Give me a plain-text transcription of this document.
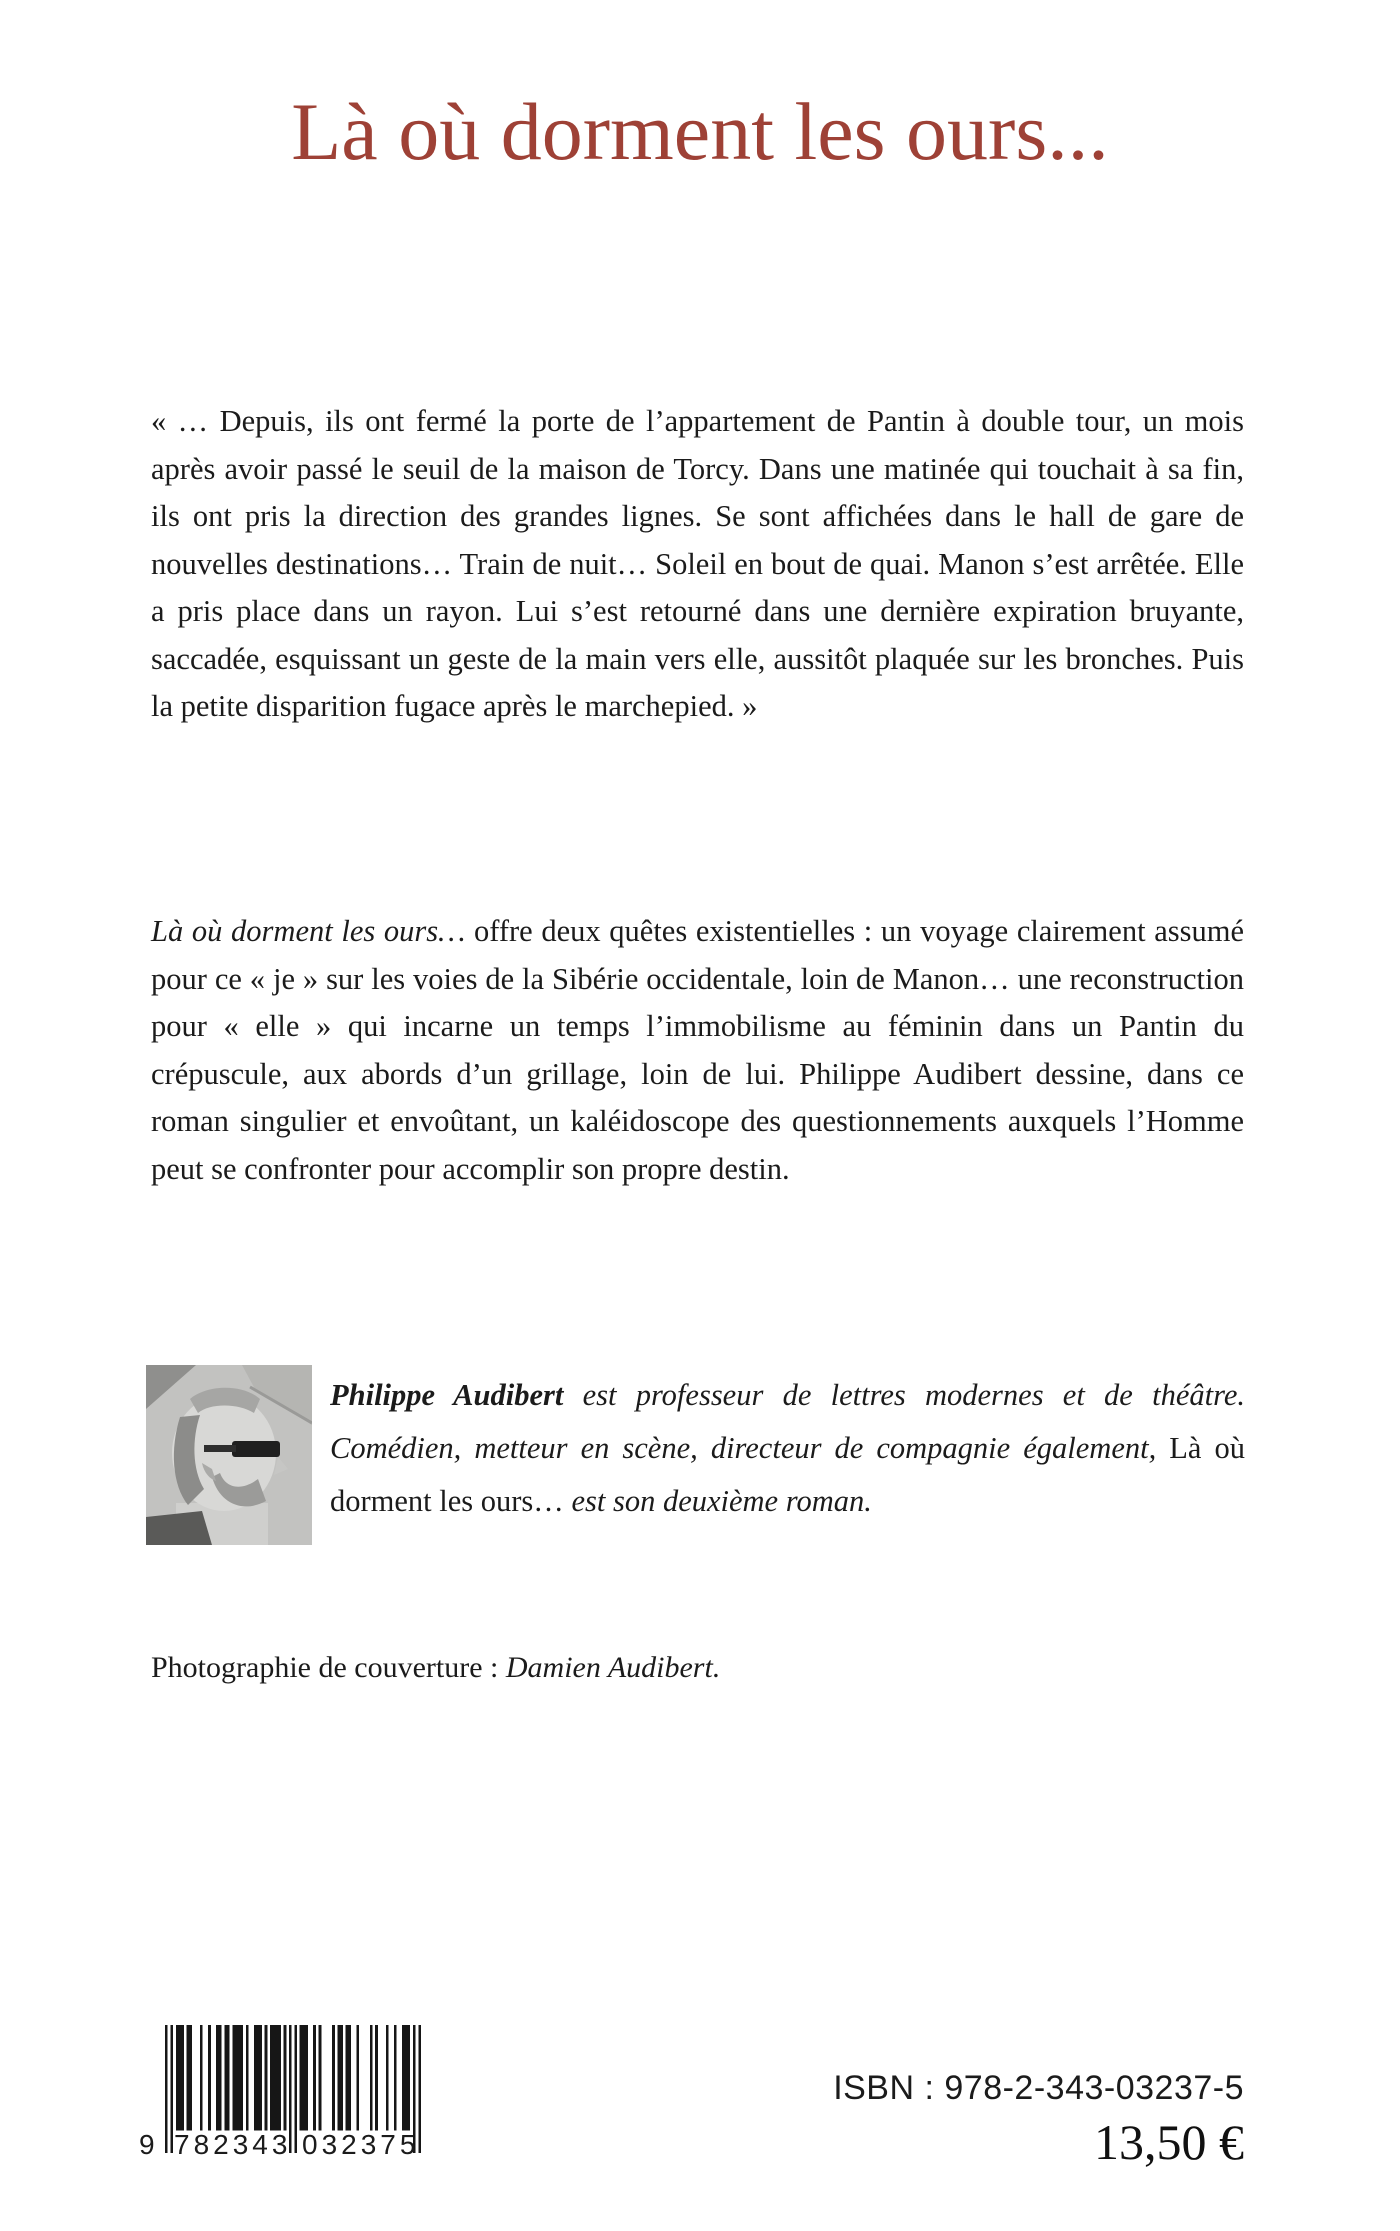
Là où dorment les ours...

« … Depuis, ils ont fermé la porte de l’appartement de Pantin à double tour, un mois après avoir passé le seuil de la maison de Torcy. Dans une matinée qui touchait à sa fin, ils ont pris la direction des grandes lignes. Se sont affichées dans le hall de gare de nouvelles destinations… Train de nuit… Soleil en bout de quai. Manon s’est arrêtée. Elle a pris place dans un rayon. Lui s’est retourné dans une dernière expiration bruyante, saccadée, esquissant un geste de la main vers elle, aussitôt plaquée sur les bronches. Puis la petite disparition fugace après le marchepied. »

Là où dorment les ours… offre deux quêtes existentielles : un voyage clairement assumé pour ce « je » sur les voies de la Sibérie occidentale, loin de Manon… une reconstruction pour « elle » qui incarne un temps l’immobilisme au féminin dans un Pantin du crépuscule, aux abords d’un grillage, loin de lui. Philippe Audibert dessine, dans ce roman singulier et envoûtant, un kaléidoscope des questionnements auxquels l’Homme peut se confronter pour accomplir son propre destin.

Philippe Audibert est professeur de lettres modernes et de théâtre. Comédien, metteur en scène, directeur de compagnie également, Là où dorment les ours… est son deuxième roman.

Photographie de couverture : Damien Audibert.

9 782343 032375
ISBN : 978-2-343-03237-5
13,50 €
